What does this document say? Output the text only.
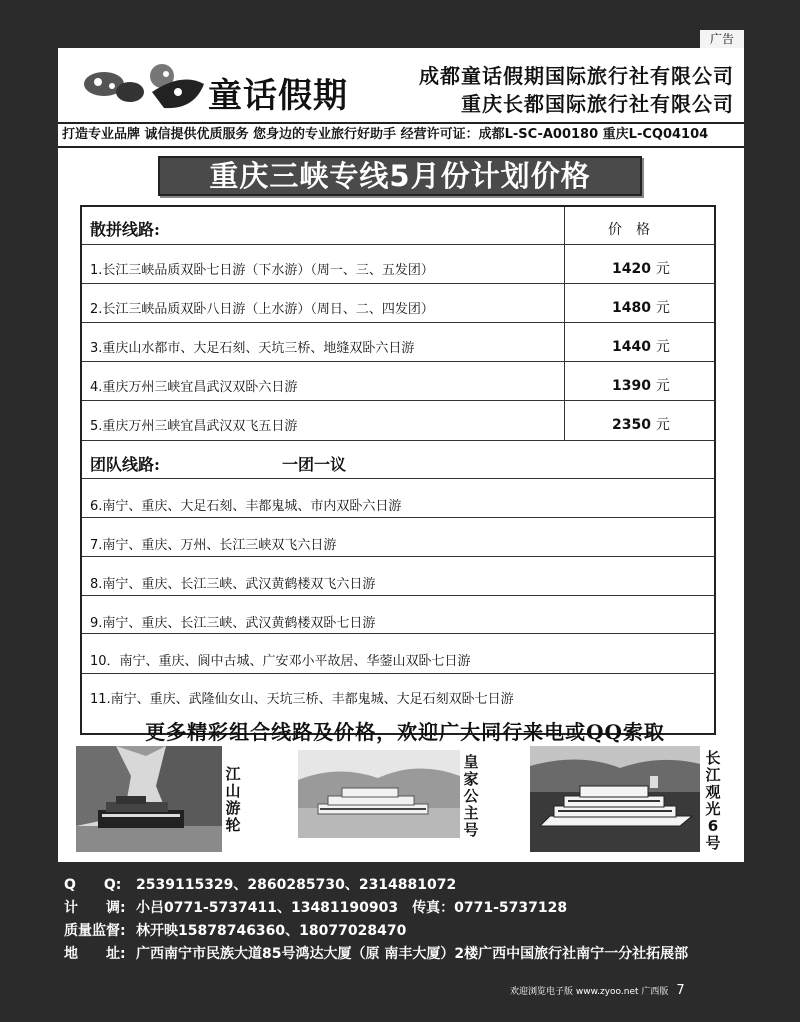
广告
童话假期	成都童话假期国际旅行社有限公司
重庆长都国际旅行社有限公司
打造专业品牌 诚信提供优质服务 您身边的专业旅行好助手 经营许可证：成都L-SC-A00180 重庆L-CQ04104
重庆三峡专线5月份计划价格
散拼线路:	价　格
1.长江三峡品质双卧七日游（下水游）（周一、三、五发团）	1420 元
2.长江三峡品质双卧八日游（上水游）（周日、二、四发团）	1480 元
3.重庆山水都市、大足石刻、天坑三桥、地缝双卧六日游	1440 元
4.重庆万州三峡宜昌武汉双卧六日游	1390 元
5.重庆万州三峡宜昌武汉双飞五日游	2350 元
团队线路:	一团一议
6.南宁、重庆、大足石刻、丰都鬼城、市内双卧六日游
7.南宁、重庆、万州、长江三峡双飞六日游
8.南宁、重庆、长江三峡、武汉黄鹤楼双飞六日游
9.南宁、重庆、长江三峡、武汉黄鹤楼双卧七日游
10．南宁、重庆、阆中古城、广安邓小平故居、华蓥山双卧七日游
11.南宁、重庆、武隆仙女山、天坑三桥、丰都鬼城、大足石刻双卧七日游
更多精彩组合线路及价格，欢迎广大同行来电或QQ索取
江山游轮
皇家公主号
长江观光6号
Q　　Q: 2539115329、2860285730、2314881072
计　　调: 小吕0771-5737411、13481190903　传真：0771-5737128
质量监督: 林开映15878746360、18077028470
地　　址: 广西南宁市民族大道85号鸿达大厦（原 南丰大厦）2楼广西中国旅行社南宁一分社拓展部
欢迎浏览电子版 www.zyoo.net 广西版 7
